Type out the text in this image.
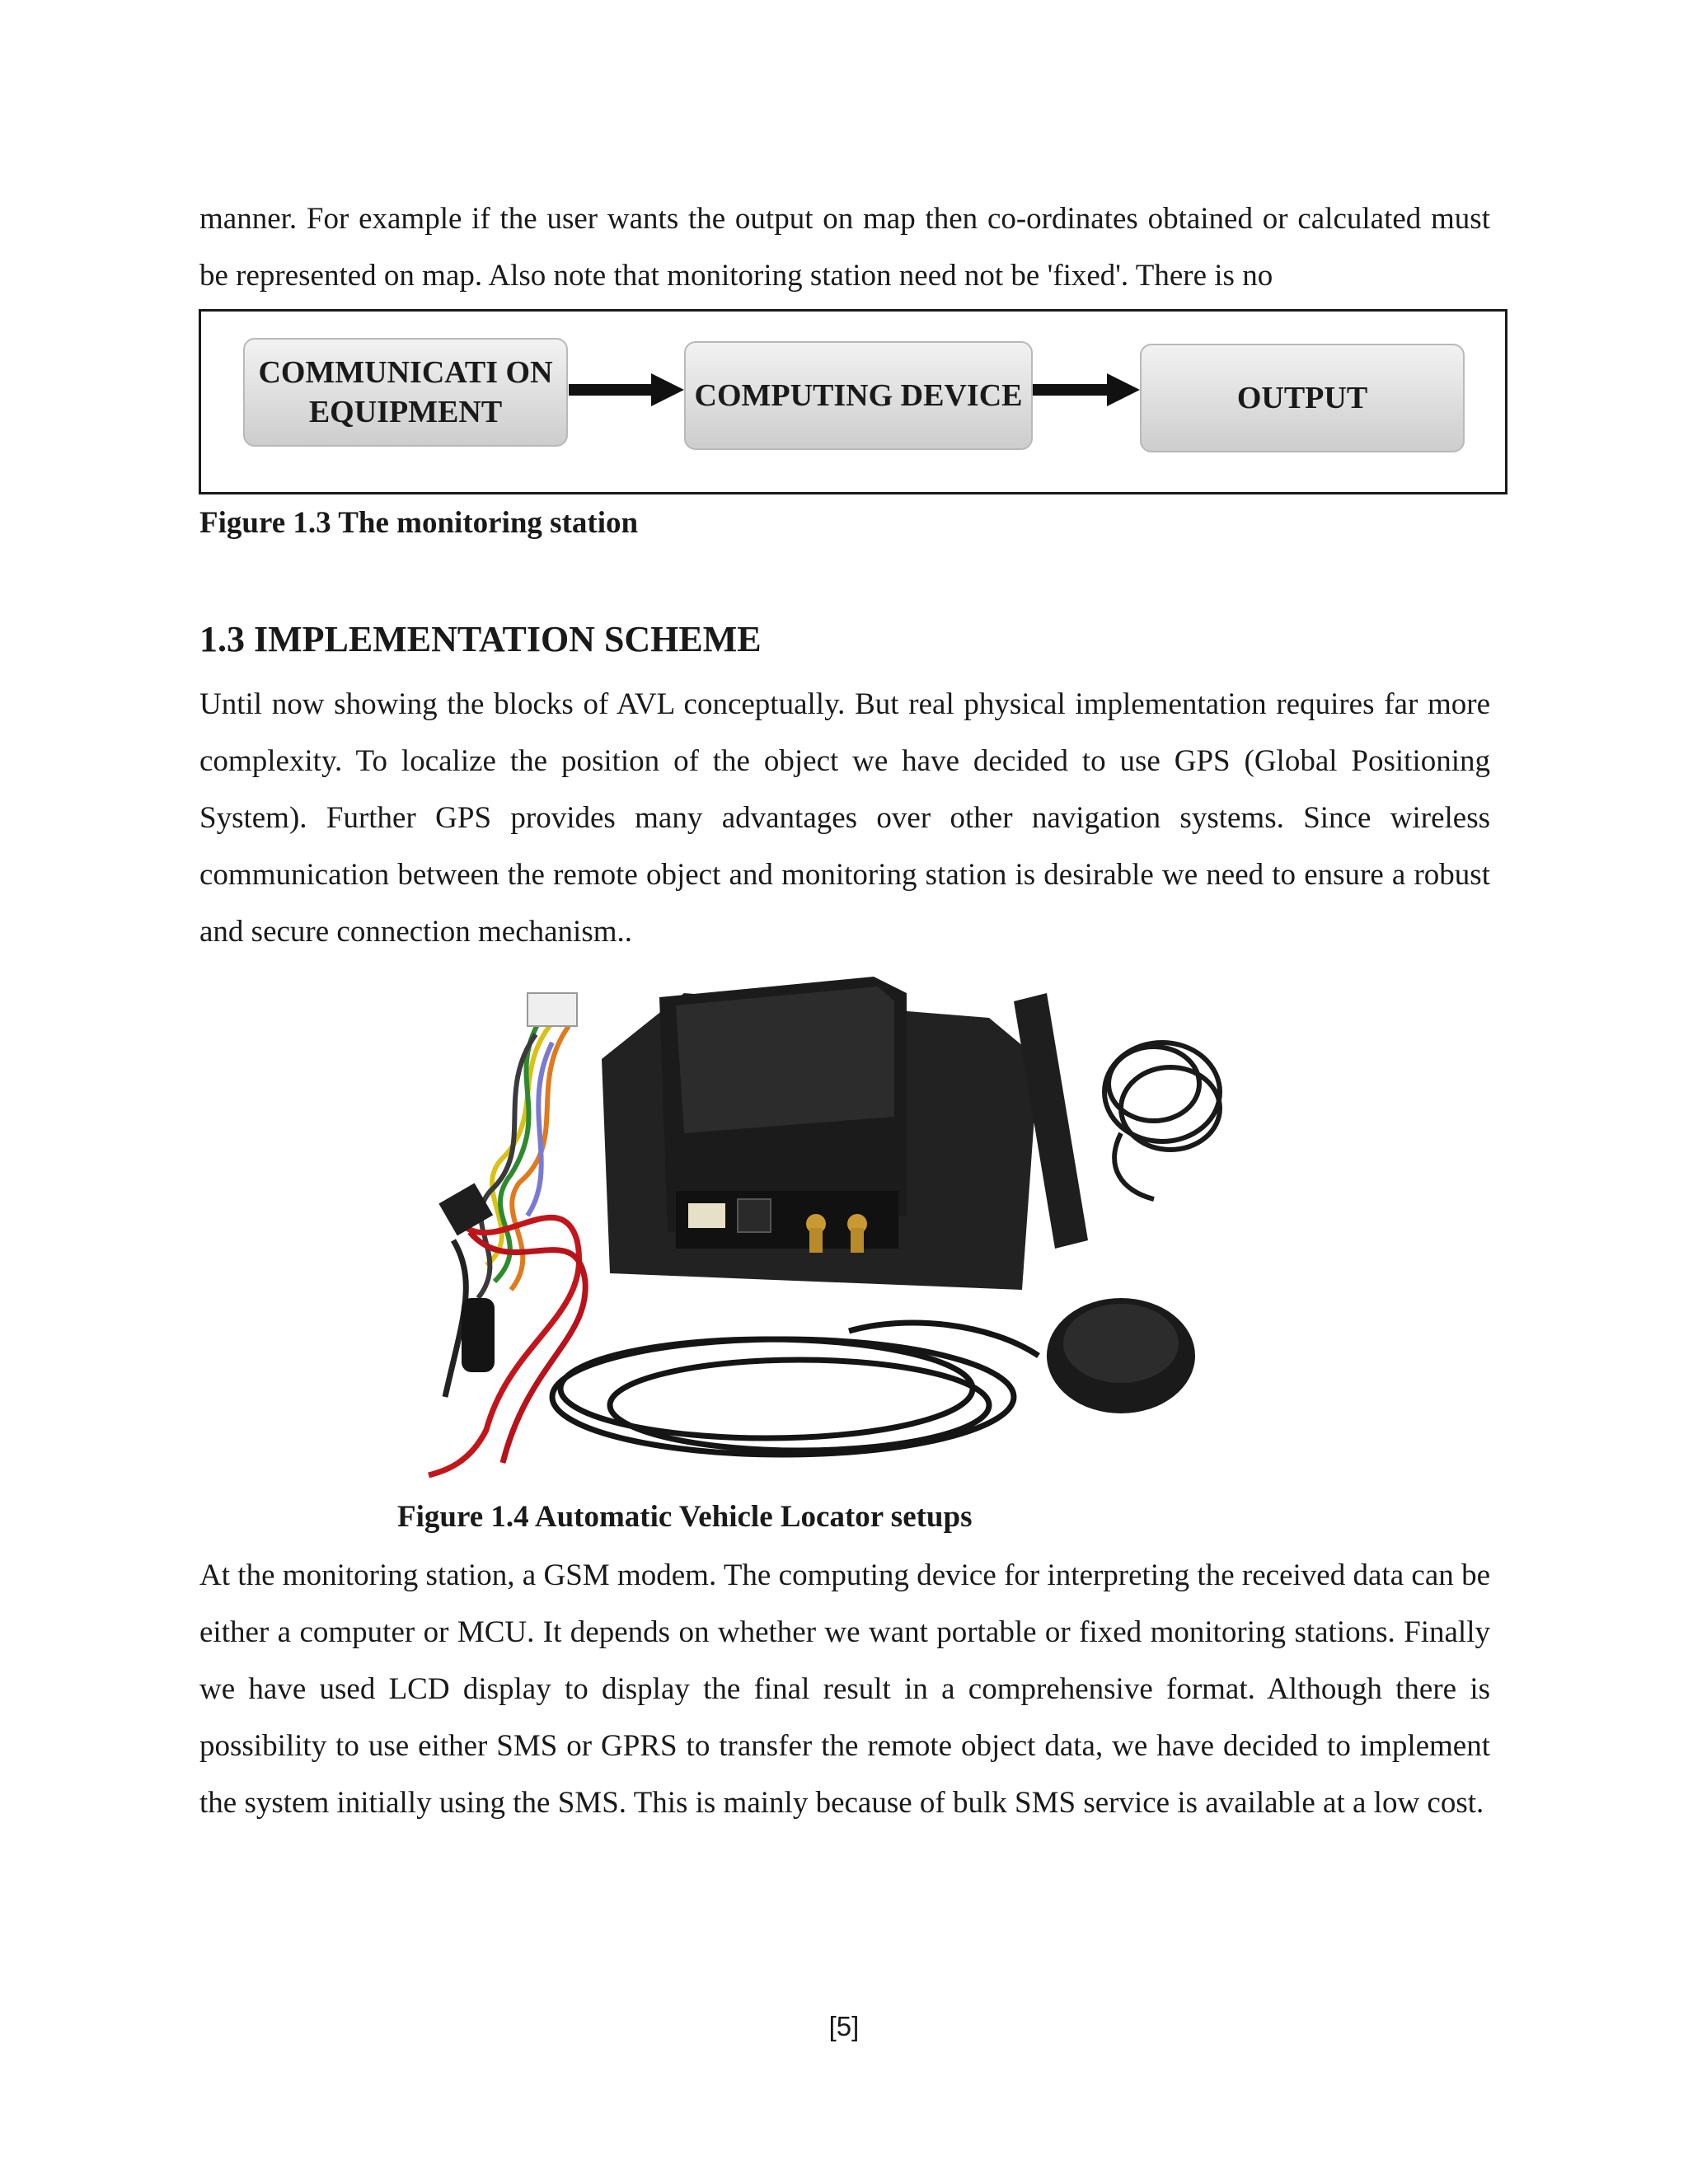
manner. For example if the user wants the output on map then co-ordinates obtained or calculated must be represented on map. Also note that monitoring station need not be 'fixed'. There is no

COMMUNICATI ON EQUIPMENT	COMPUTING DEVICE	OUTPUT

Figure 1.3 The monitoring station

1.3 IMPLEMENTATION SCHEME

Until now showing the blocks of AVL conceptually. But real physical implementation requires far more complexity. To localize the position of the object we have decided to use GPS (Global Positioning System). Further GPS provides many advantages over other navigation systems. Since wireless communication between the remote object and monitoring station is desirable we need to ensure a robust and secure connection mechanism..

Figure 1.4 Automatic Vehicle Locator setups

At the monitoring station, a GSM modem. The computing device for interpreting the received data can be either a computer or MCU. It depends on whether we want portable or fixed monitoring stations. Finally we have used LCD display to display the final result in a comprehensive format. Although there is possibility to use either SMS or GPRS to transfer the remote object data, we have decided to implement the system initially using the SMS. This is mainly because of bulk SMS service is available at a low cost.

[5]
